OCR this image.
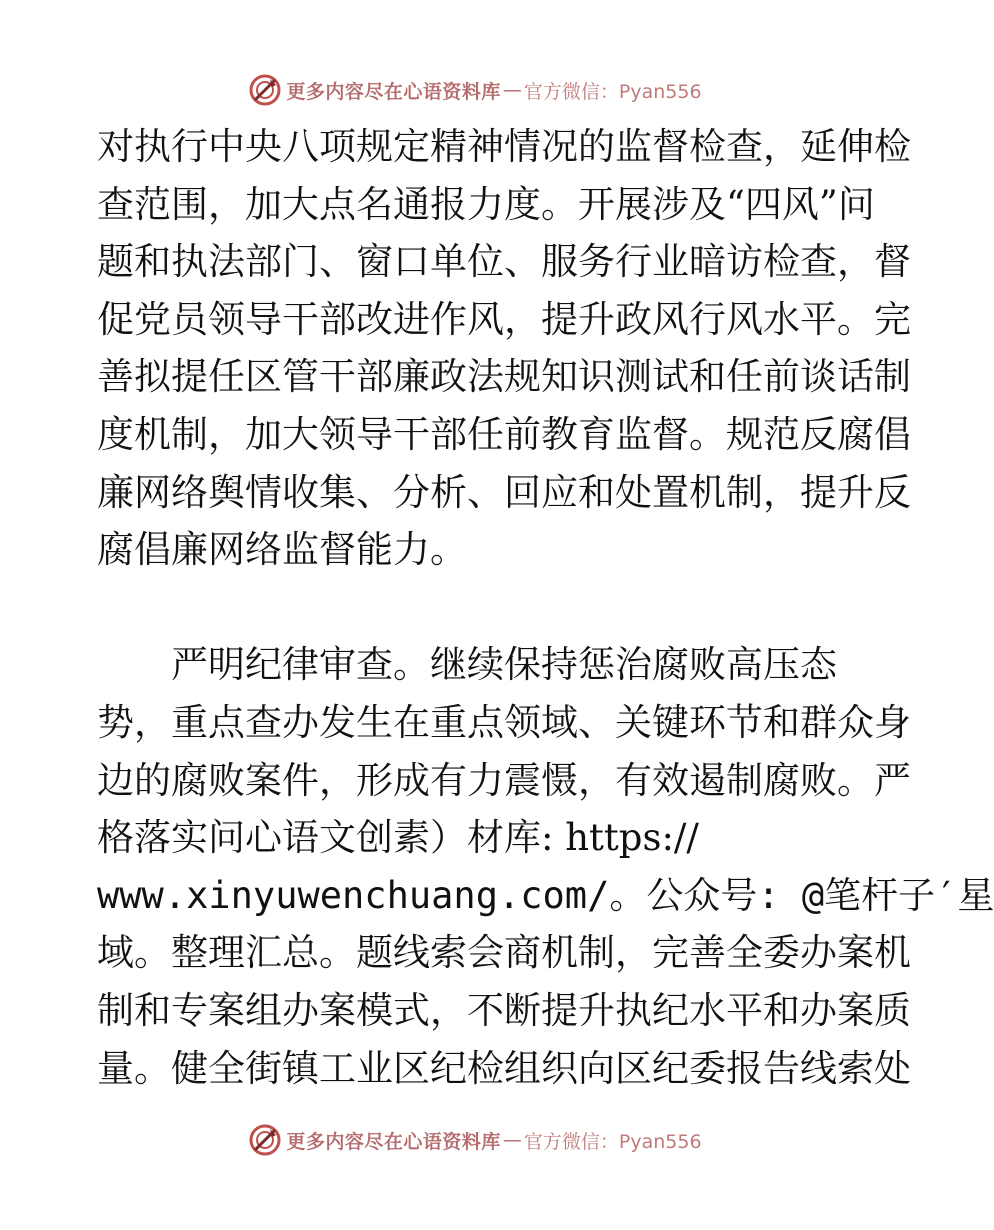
更多内容尽在心语资料库 — 官方微信：Pyan556
对执行中央八项规定精神情况的监督检查，延伸检
查范围，加大点名通报力度。开展涉及“四风”问
题和执法部门、窗口单位、服务行业暗访检查，督
促党员领导干部改进作风，提升政风行风水平。完
善拟提任区管干部廉政法规知识测试和任前谈话制
度机制，加大领导干部任前教育监督。规范反腐倡
廉网络舆情收集、分析、回应和处置机制，提升反
腐倡廉网络监督能力。
　　严明纪律审查。继续保持惩治腐败高压态
势，重点查办发生在重点领域、关键环节和群众身
边的腐败案件，形成有力震慑，有效遏制腐败。严
格落实问心语文创素）材库: https://
www.xinyuwenchuang.com/。公众号: @笔杆子′星
域。整理汇总。题线索会商机制，完善全委办案机
制和专案组办案模式，不断提升执纪水平和办案质
量。健全街镇工业区纪检组织向区纪委报告线索处
更多内容尽在心语资料库 — 官方微信：Pyan556
